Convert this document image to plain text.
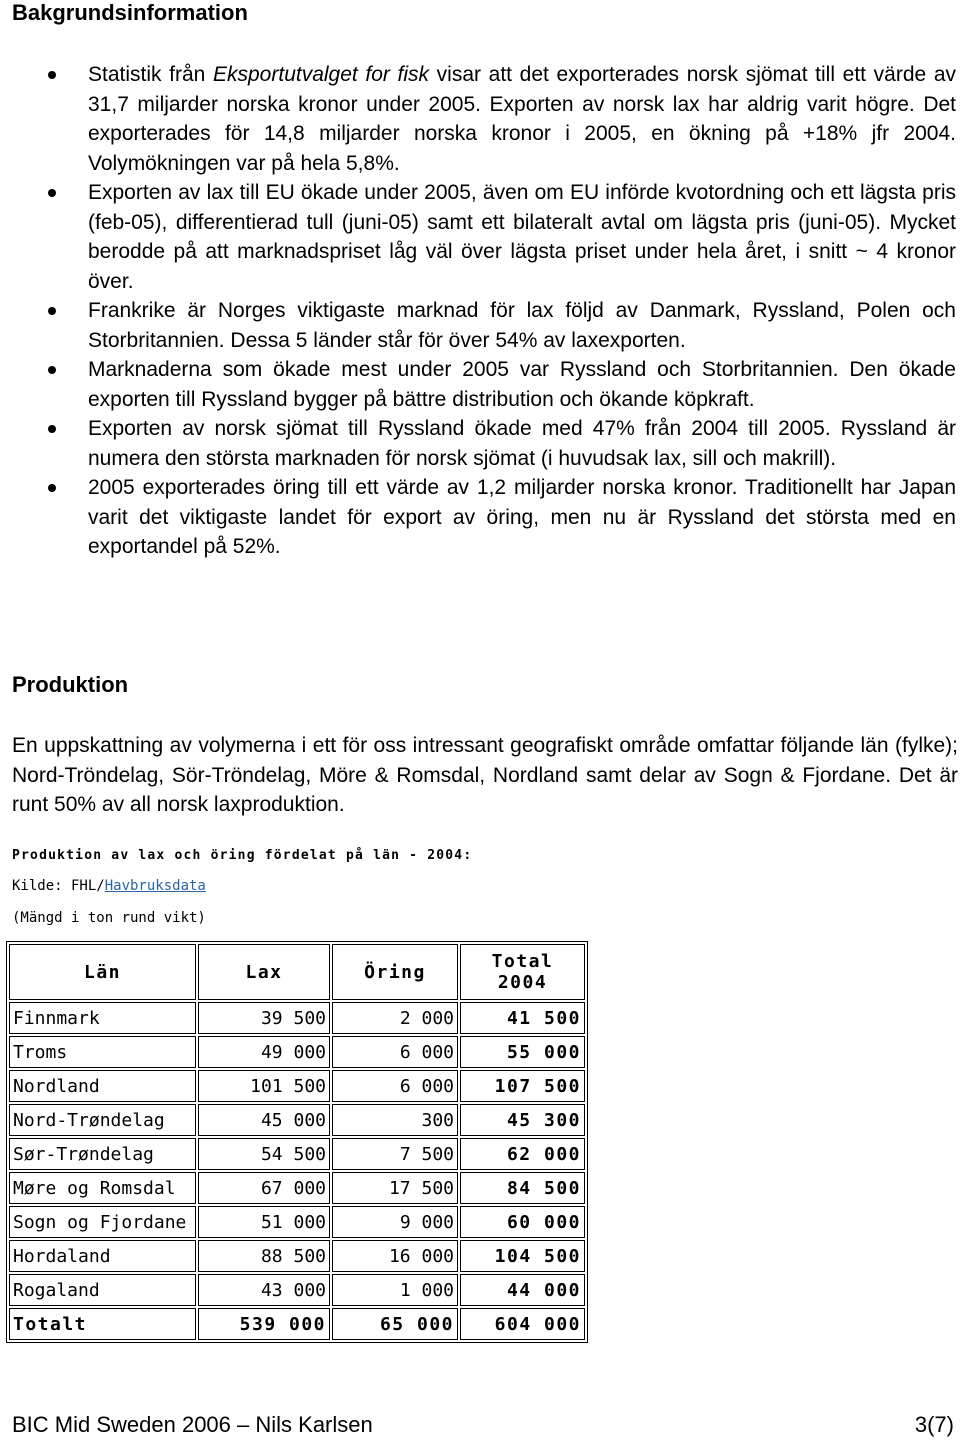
Bakgrundsinformation
Statistik från Eksportutvalget for fisk visar att det exporterades norsk sjömat till ett värde av 31,7 miljarder norska kronor under 2005. Exporten av norsk lax har aldrig varit högre. Det exporterades för 14,8 miljarder norska kronor i 2005, en ökning på +18% jfr 2004. Volymökningen var på hela 5,8%.
Exporten av lax till EU ökade under 2005, även om EU införde kvotordning och ett lägsta pris (feb-05), differentierad tull (juni-05) samt ett bilateralt avtal om lägsta pris (juni-05). Mycket berodde på att marknadspriset låg väl över lägsta priset under hela året, i snitt ~ 4 kronor över.
Frankrike är Norges viktigaste marknad för lax följd av Danmark, Ryssland, Polen och Storbritannien. Dessa 5 länder står för över 54% av laxexporten.
Marknaderna som ökade mest under 2005 var Ryssland och Storbritannien. Den ökade exporten till Ryssland bygger på bättre distribution och ökande köpkraft.
Exporten av norsk sjömat till Ryssland ökade med 47% från 2004 till 2005. Ryssland är numera den största marknaden för norsk sjömat (i huvudsak lax, sill och makrill).
2005 exporterades öring till ett värde av 1,2 miljarder norska kronor. Traditionellt har Japan varit det viktigaste landet för export av öring, men nu är Ryssland det största med en exportandel på 52%.
Produktion

En uppskattning av volymerna i ett för oss intressant geografiskt område omfattar följande län (fylke); Nord-Tröndelag, Sör-Tröndelag, Möre & Romsdal, Nordland samt delar av Sogn & Fjordane. Det är runt 50% av all norsk laxproduktion.

Produktion av lax och öring fördelat på län - 2004:
Kilde: FHL/Havbruksdata
(Mängd i ton rund vikt)
Län	Lax	Öring	Total
2004
Finnmark	39 500	2 000	41 500
Troms	49 000	6 000	55 000
Nordland	101 500	6 000	107 500
Nord-Trøndelag	45 000	300	45 300
Sør-Trøndelag	54 500	7 500	62 000
Møre og Romsdal	67 000	17 500	84 500
Sogn og Fjordane	51 000	9 000	60 000
Hordaland	88 500	16 000	104 500
Rogaland	43 000	1 000	44 000
Totalt	539 000	65 000	604 000
BIC Mid Sweden 2006 – Nils Karlsen	3(7)
